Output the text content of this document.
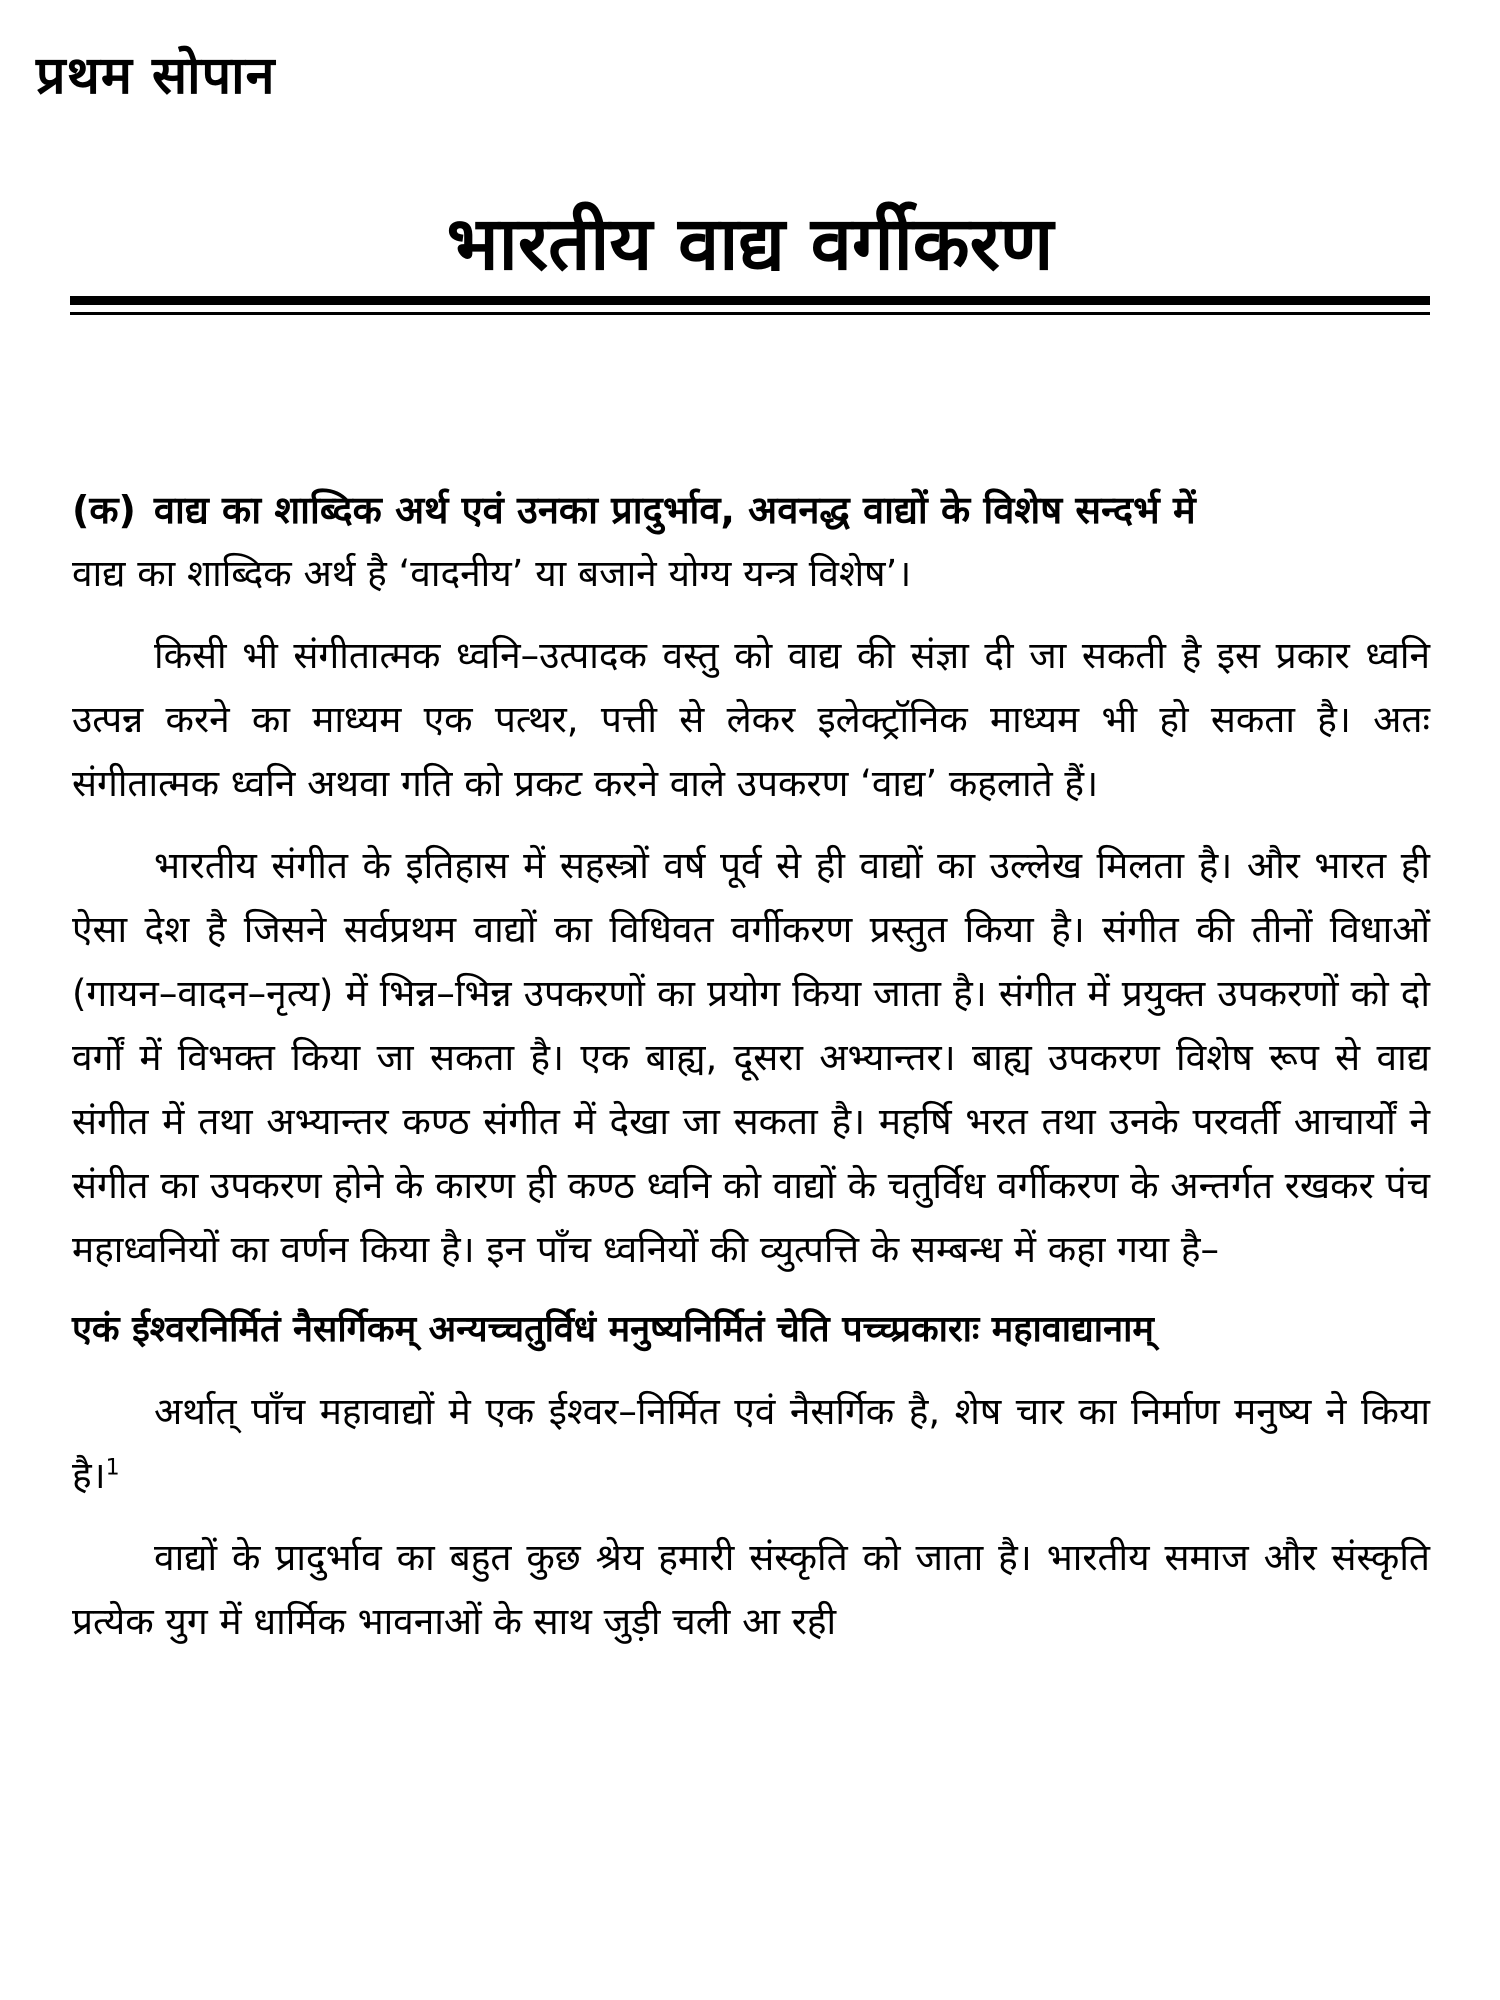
प्रथम सोपान
भारतीय वाद्य वर्गीकरण
(क) वाद्य का शाब्दिक अर्थ एवं उनका प्रादुर्भाव, अवनद्ध वाद्यों के विशेष सन्दर्भ में

वाद्य का शाब्दिक अर्थ है ‘वादनीय’ या बजाने योग्य यन्त्र विशेष’।

किसी भी संगीतात्मक ध्वनि–उत्पादक वस्तु को वाद्य की संज्ञा दी जा सकती है इस प्रकार ध्वनि उत्पन्न करने का माध्यम एक पत्थर, पत्ती से लेकर इलेक्ट्रॉनिक माध्यम भी हो सकता है। अतः संगीतात्मक ध्वनि अथवा गति को प्रकट करने वाले उपकरण ‘वाद्य’ कहलाते हैं।

भारतीय संगीत के इतिहास में सहस्त्रों वर्ष पूर्व से ही वाद्यों का उल्लेख मिलता है। और भारत ही ऐसा देश है जिसने सर्वप्रथम वाद्यों का विधिवत वर्गीकरण प्रस्तुत किया है। संगीत की तीनों विधाओं (गायन–वादन–नृत्य) में भिन्न–भिन्न उपकरणों का प्रयोग किया जाता है। संगीत में प्रयुक्त उपकरणों को दो वर्गों में विभक्त किया जा सकता है। एक बाह्य, दूसरा अभ्यान्तर। बाह्य उपकरण विशेष रूप से वाद्य संगीत में तथा अभ्यान्तर कण्ठ संगीत में देखा जा सकता है। महर्षि भरत तथा उनके परवर्ती आचार्यों ने संगीत का उपकरण होने के कारण ही कण्ठ ध्वनि को वाद्यों के चतुर्विध वर्गीकरण के अन्तर्गत रखकर पंच महाध्वनियों का वर्णन किया है। इन पाँच ध्वनियों की व्युत्पत्ति के सम्बन्ध में कहा गया है–

एकं ईश्वरनिर्मितं नैसर्गिकम् अन्यच्चतुर्विधं मनुष्यनिर्मितं चेति पच्च्प्रकाराः महावाद्यानाम्

अर्थात् पाँच महावाद्यों मे एक ईश्वर–निर्मित एवं नैसर्गिक है, शेष चार का निर्माण मनुष्य ने किया है।$^1$

वाद्यों के प्रादुर्भाव का बहुत कुछ श्रेय हमारी संस्कृति को जाता है। भारतीय समाज और संस्कृति प्रत्येक युग में धार्मिक भावनाओं के साथ जुड़ी चली आ रही
